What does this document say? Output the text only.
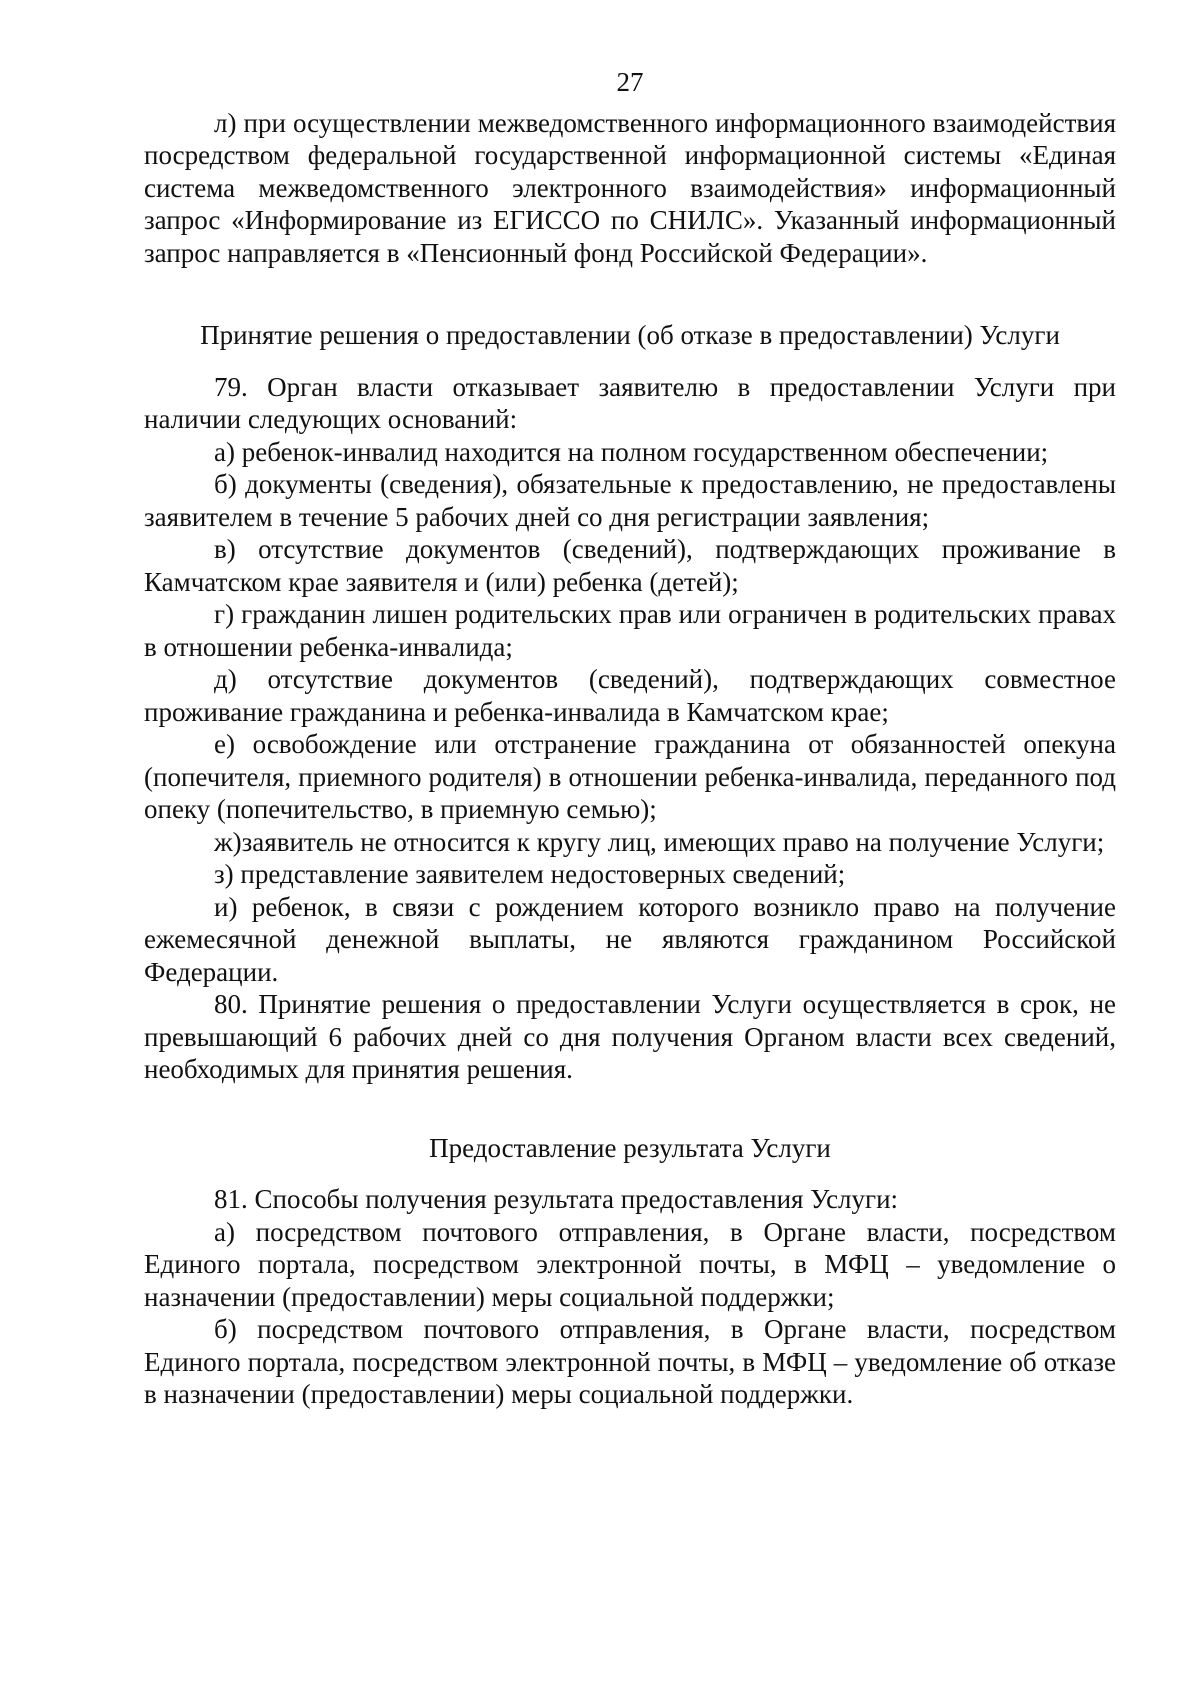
27

л) при осуществлении межведомственного информационного взаимодействия посредством федеральной государственной информационной системы «Единая система межведомственного электронного взаимодействия» информационный запрос «Информирование из ЕГИССО по СНИЛС». Указанный информационный запрос направляется в «Пенсионный фонд Российской Федерации».

Принятие решения о предоставлении (об отказе в предоставлении) Услуги

79. Орган власти отказывает заявителю в предоставлении Услуги при наличии следующих оснований:

а) ребенок-инвалид находится на полном государственном обеспечении;

б) документы (сведения), обязательные к предоставлению, не предоставлены заявителем в течение 5 рабочих дней со дня регистрации заявления;

в) отсутствие документов (сведений), подтверждающих проживание в Камчатском крае заявителя и (или) ребенка (детей);

г) гражданин лишен родительских прав или ограничен в родительских правах в отношении ребенка-инвалида;

д) отсутствие документов (сведений), подтверждающих совместное проживание гражданина и ребенка-инвалида в Камчатском крае;

е) освобождение или отстранение гражданина от обязанностей опекуна (попечителя, приемного родителя) в отношении ребенка-инвалида, переданного под опеку (попечительство, в приемную семью);

ж)заявитель не относится к кругу лиц, имеющих право на получение Услуги;

з) представление заявителем недостоверных сведений;

и) ребенок, в связи с рождением которого возникло право на получение ежемесячной денежной выплаты, не являются гражданином Российской Федерации.

80. Принятие решения о предоставлении Услуги осуществляется в срок, не превышающий 6 рабочих дней со дня получения Органом власти всех сведений, необходимых для принятия решения.

Предоставление результата Услуги

81. Способы получения результата предоставления Услуги:

а) посредством почтового отправления, в Органе власти, посредством Единого портала, посредством электронной почты, в МФЦ – уведомление о назначении (предоставлении) меры социальной поддержки;

б) посредством почтового отправления, в Органе власти, посредством Единого портала, посредством электронной почты, в МФЦ – уведомление об отказе в назначении (предоставлении) меры социальной поддержки.
